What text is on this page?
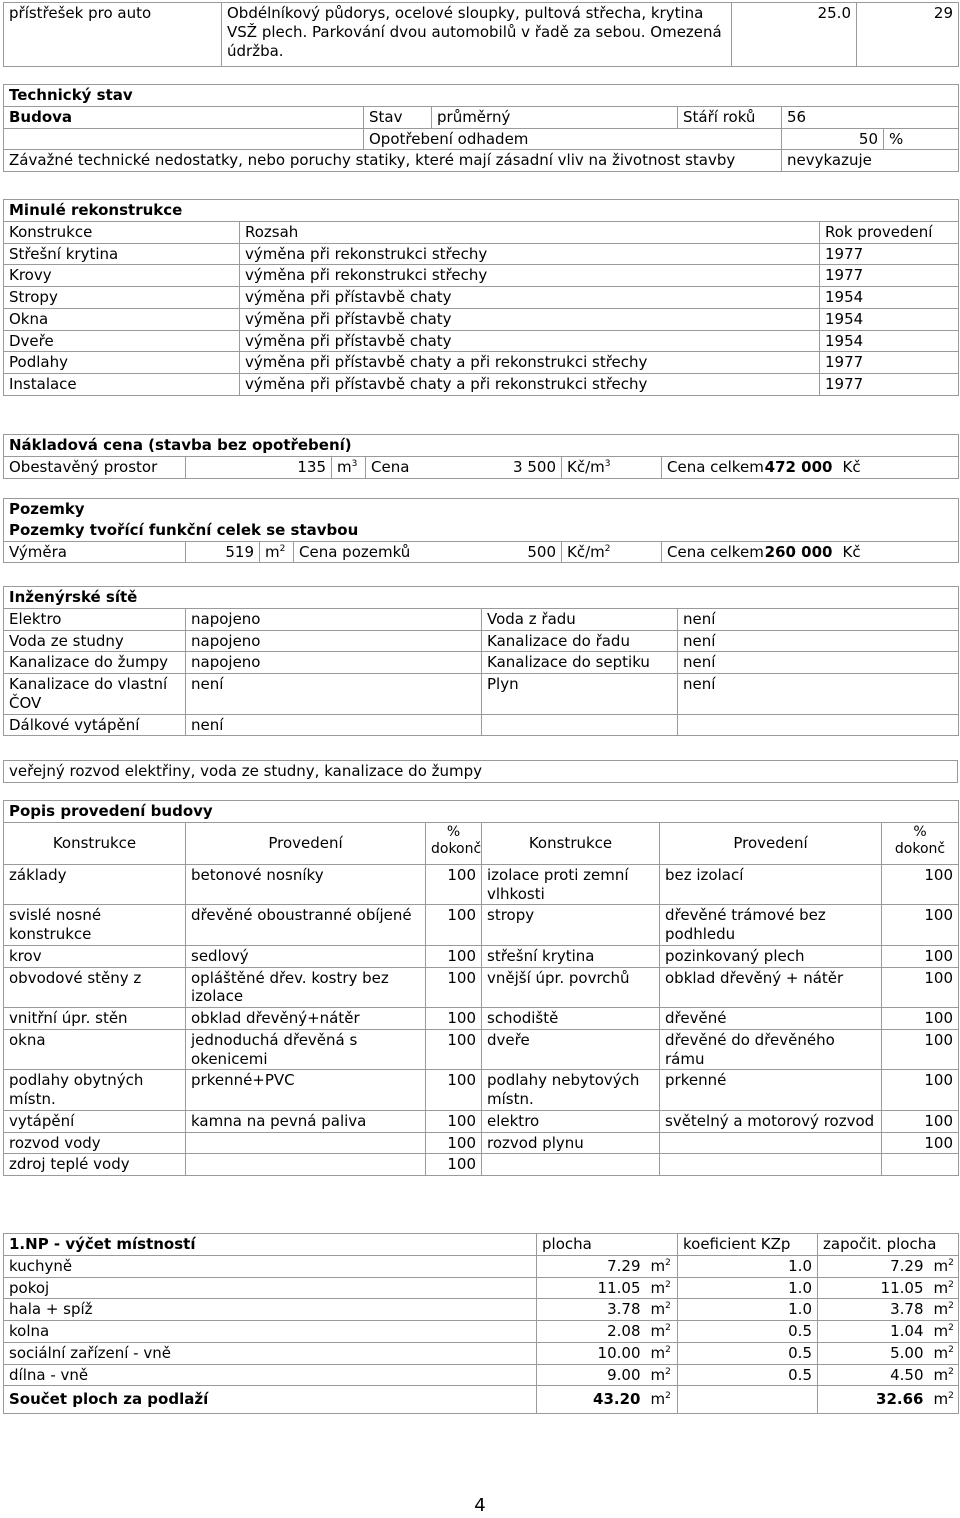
přístřešek pro auto	Obdélníkový půdorys, ocelové sloupky, pultová střecha, krytina VSŽ plech. Parkování dvou automobilů v řadě za sebou. Omezená údržba.	25.0	29
Technický stav					
Budova	Stav	průměrný	Stáří roků	56	
	Opotřebení odhadem			50	%
Závažné technické nedostatky, nebo poruchy statiky, které mají zásadní vliv na životnost stavby				nevykazuje	
Minulé rekonstrukce		
Konstrukce	Rozsah	Rok provedení
Střešní krytina	výměna při rekonstrukci střechy	1977
Krovy	výměna při rekonstrukci střechy	1977
Stropy	výměna při přístavbě chaty	1954
Okna	výměna při přístavbě chaty	1954
Dveře	výměna při přístavbě chaty	1954
Podlahy	výměna při přístavbě chaty a při rekonstrukci střechy	1977
Instalace	výměna při přístavbě chaty a při rekonstrukci střechy	1977
Nákladová cena (stavba bez opotřebení)
Obestavěný prostor	135	$m^3$	Cena	3 500	$Kč/m^3$	Cena celkem 472 000	Kč
Pozemky
Pozemky tvořící funkční celek se stavbou
Výměra	519	$m^2$	Cena pozemků	500	$Kč/m^2$	Cena celkem 260 000	Kč
Inženýrské sítě			
Elektro	napojeno	Voda z řadu	není
Voda ze studny	napojeno	Kanalizace do řadu	není
Kanalizace do žumpy	napojeno	Kanalizace do septiku	není
Kanalizace do vlastní ČOV	není	Plyn	není
Dálkové vytápění	není		
veřejný rozvod elektřiny, voda ze studny, kanalizace do žumpy
Popis provedení budovy					
Konstrukce	Provedení	% dokonč	Konstrukce	Provedení	% dokonč
základy	betonové nosníky	100	izolace proti zemní vlhkosti	bez izolací	100
svislé nosné konstrukce	dřevěné oboustranné obíjené	100	stropy	dřevěné trámové bez podhledu	100
krov	sedlový	100	střešní krytina	pozinkovaný plech	100
obvodové stěny z	opláštěné dřev. kostry bez izolace	100	vnější úpr. povrchů	obklad dřevěný + nátěr	100
vnitřní úpr. stěn	obklad dřevěný+nátěr	100	schodiště	dřevěné	100
okna	jednoduchá dřevěná s okenicemi	100	dveře	dřevěné do dřevěného rámu	100
podlahy obytných místn.	prkenné+PVC	100	podlahy nebytových místn.	prkenné	100
vytápění	kamna na pevná paliva	100	elektro	světelný a motorový rozvod	100
rozvod vody		100	rozvod plynu		100
zdroj teplé vody		100			
1.NP - výčet místností	plocha		koeficient KZp	započit. plocha	
kuchyně	7.29	$m^2$	1.0	7.29	$m^2$
pokoj	11.05	$m^2$	1.0	11.05	$m^2$
hala + spíž	3.78	$m^2$	1.0	3.78	$m^2$
kolna	2.08	$m^2$	0.5	1.04	$m^2$
sociální zařízení - vně	10.00	$m^2$	0.5	5.00	$m^2$
dílna - vně	9.00	$m^2$	0.5	4.50	$m^2$
Součet ploch za podlaží	43.20	$m^2$		32.66	$m^2$
4
